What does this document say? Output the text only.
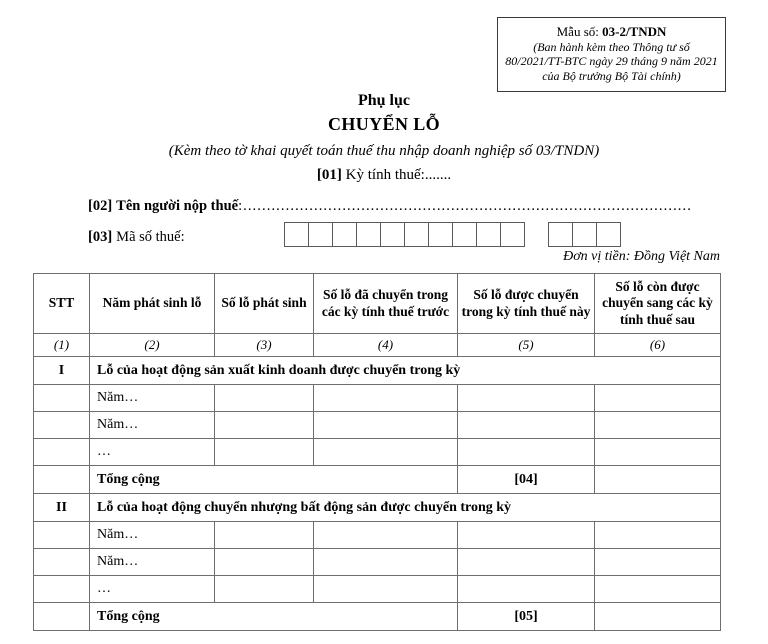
Mẫu số: 03-2/TNDN
(Ban hành kèm theo Thông tư số
80/2021/TT-BTC ngày 29 tháng 9 năm 2021
của Bộ trưởng Bộ Tài chính)
Phụ lục
CHUYỂN LỖ
(Kèm theo tờ khai quyết toán thuế thu nhập doanh nghiệp số 03/TNDN)
[01] Kỳ tính thuế:.......
[02] Tên người nộp thuế : ...............................................................................................
[03] Mã số thuế:
Đơn vị tiền: Đồng Việt Nam
STT	Năm phát sinh lỗ	Số lỗ phát sinh	Số lỗ đã chuyển trong các kỳ tính thuế trước	Số lỗ được chuyển trong kỳ tính thuế này	Số lỗ còn được chuyển sang các kỳ tính thuế sau
(1)	(2)	(3)	(4)	(5)	(6)
I	Lỗ của hoạt động sản xuất kinh doanh được chuyển trong kỳ				
	Năm…				
	Năm…				
	…				
	Tổng cộng			[04]	
II	Lỗ của hoạt động chuyển nhượng bất động sản được chuyển trong kỳ				
	Năm…				
	Năm…				
	…				
	Tổng cộng			[05]	
